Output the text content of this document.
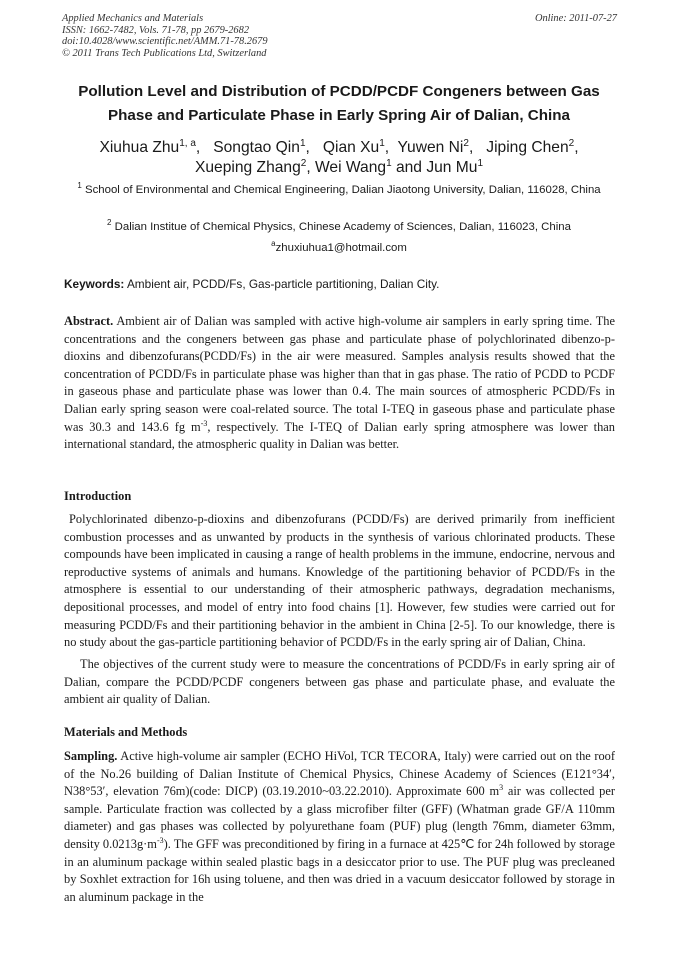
Applied Mechanics and Materials
ISSN: 1662-7482, Vols. 71-78, pp 2679-2682
doi:10.4028/www.scientific.net/AMM.71-78.2679
© 2011 Trans Tech Publications Ltd, Switzerland
Online: 2011-07-27
Pollution Level and Distribution of PCDD/PCDF Congeners between Gas
Phase and Particulate Phase in Early Spring Air of Dalian, China
Xiuhua Zhu$^{1, a}$,   Songtao Qin$^1$,   Qian Xu$^1$,  Yuwen Ni$^2$,   Jiping Chen$^2$,
Xueping Zhang$^2$, Wei Wang$^1$ and Jun Mu$^1$
$^1$ School of Environmental and Chemical Engineering, Dalian Jiaotong University, Dalian, 116028, China
$^2$ Dalian Institue of Chemical Physics, Chinese Academy of Sciences, Dalian, 116023, China
$^a$zhuxiuhua1@hotmail.com
Keywords: Ambient air, PCDD/Fs, Gas-particle partitioning, Dalian City.
Abstract. Ambient air of Dalian was sampled with active high-volume air samplers in early spring time. The concentrations and the congeners between gas phase and particulate phase of polychlorinated dibenzo-p-dioxins and dibenzofurans(PCDD/Fs) in the air were measured. Samples analysis results showed that the concentration of PCDD/Fs in particulate phase was higher than that in gas phase. The ratio of PCDD to PCDF in gaseous phase and particulate phase was lower than 0.4. The main sources of atmospheric PCDD/Fs in Dalian early spring season were coal-related source. The total I-TEQ in gaseous phase and particulate phase was 30.3 and 143.6 fg $m^{-3}$, respectively. The I-TEQ of Dalian early spring atmosphere was lower than international standard, the atmospheric quality in Dalian was better.
Introduction
Polychlorinated dibenzo-p-dioxins and dibenzofurans (PCDD/Fs) are derived primarily from inefficient combustion processes and as unwanted by products in the synthesis of various chlorinated products. These compounds have been implicated in causing a range of health problems in the immune, endocrine, nervous and reproductive systems of animals and humans. Knowledge of the partitioning behavior of PCDD/Fs in the atmosphere is essential to our understanding of their atmospheric pathways, degradation mechanisms, depositional processes, and model of entry into food chains [1]. However, few studies were carried out for measuring PCDD/Fs and their partitioning behavior in the ambient in China [2-5]. To our knowledge, there is no study about the gas-particle partitioning behavior of PCDD/Fs in the early spring air of Dalian, China.
The objectives of the current study were to measure the concentrations of PCDD/Fs in early spring air of Dalian, compare the PCDD/PCDF congeners between gas phase and particulate phase, and evaluate the ambient air quality of Dalian.
Materials and Methods
Sampling. Active high-volume air sampler (ECHO HiVol, TCR TECORA, Italy) were carried out on the roof of the No.26 building of Dalian Institute of Chemical Physics, Chinese Academy of Sciences (E121°34′, N38°53′, elevation 76m)(code: DICP) (03.19.2010~03.22.2010). Approximate 600 $m^3$ air was collected per sample. Particulate fraction was collected by a glass microfiber filter (GFF) (Whatman grade GF/A 110mm diameter) and gas phases was collected by polyurethane foam (PUF) plug (length 76mm, diameter 63mm, density $0.0213g\cdot m^{-3}$). The GFF was preconditioned by firing in a furnace at 425℃ for 24h followed by storage in an aluminum package within sealed plastic bags in a desiccator prior to use. The PUF plug was precleaned by Soxhlet extraction for 16h using toluene, and then was dried in a vacuum desiccator followed by storage in an aluminum package in the
